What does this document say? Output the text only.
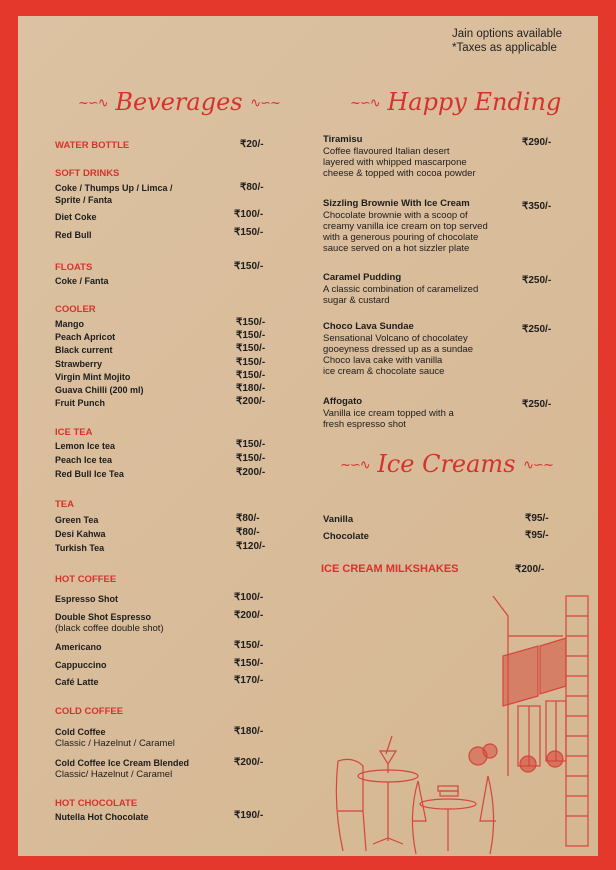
Jain options available
*Taxes as applicable
~∽∿ Beverages ∿∽~	~∽∿ Happy Ending
~∽∿ Ice Creams ∿∽~
WATER BOTTLE	₹20/-
SOFT DRINKS
Coke / Thumps Up / Limca /
Sprite / Fanta
₹80/-
Diet Coke	₹100/-
Red Bull	₹150/-
FLOATS	₹150/-
Coke / Fanta
COOLER
Mango	₹150/-
Peach Apricot	₹150/-
Black current	₹150/-
Strawberry	₹150/-
Virgin Mint Mojito	₹150/-
Guava Chilli (200 ml)	₹180/-
Fruit Punch	₹200/-
ICE TEA
Lemon Ice tea	₹150/-
Peach Ice tea	₹150/-
Red Bull Ice Tea	₹200/-
TEA
Green Tea	₹80/-
Desi Kahwa	₹80/-
Turkish Tea	₹120/-
HOT COFFEE
Espresso Shot	₹100/-
Double Shot Espresso
(black coffee double shot)
₹200/-
Americano	₹150/-
Cappuccino	₹150/-
Café Latte	₹170/-
COLD COFFEE
Cold Coffee
Classic / Hazelnut / Caramel
₹180/-
Cold Coffee Ice Cream Blended
Classic/ Hazelnut / Caramel
₹200/-
HOT CHOCOLATE
Nutella Hot Chocolate	₹190/-
Tiramisu
Coffee flavoured Italian desert
layered with whipped mascarpone
cheese & topped with cocoa powder
₹290/-
Sizzling Brownie With Ice Cream
Chocolate brownie with a scoop of
creamy vanilla ice cream on top served
with a generous pouring of chocolate
sauce served on a hot sizzler plate
₹350/-
Caramel Pudding
A classic combination of caramelized
sugar & custard
₹250/-
Choco Lava Sundae
Sensational Volcano of chocolatey
gooeyness dressed up as a sundae
Choco lava cake with vanilla
ice cream & chocolate sauce
₹250/-
Affogato
Vanilla ice cream topped with a
fresh espresso shot
₹250/-
Vanilla	₹95/-
Chocolate	₹95/-
ICE CREAM MILKSHAKES	₹200/-
